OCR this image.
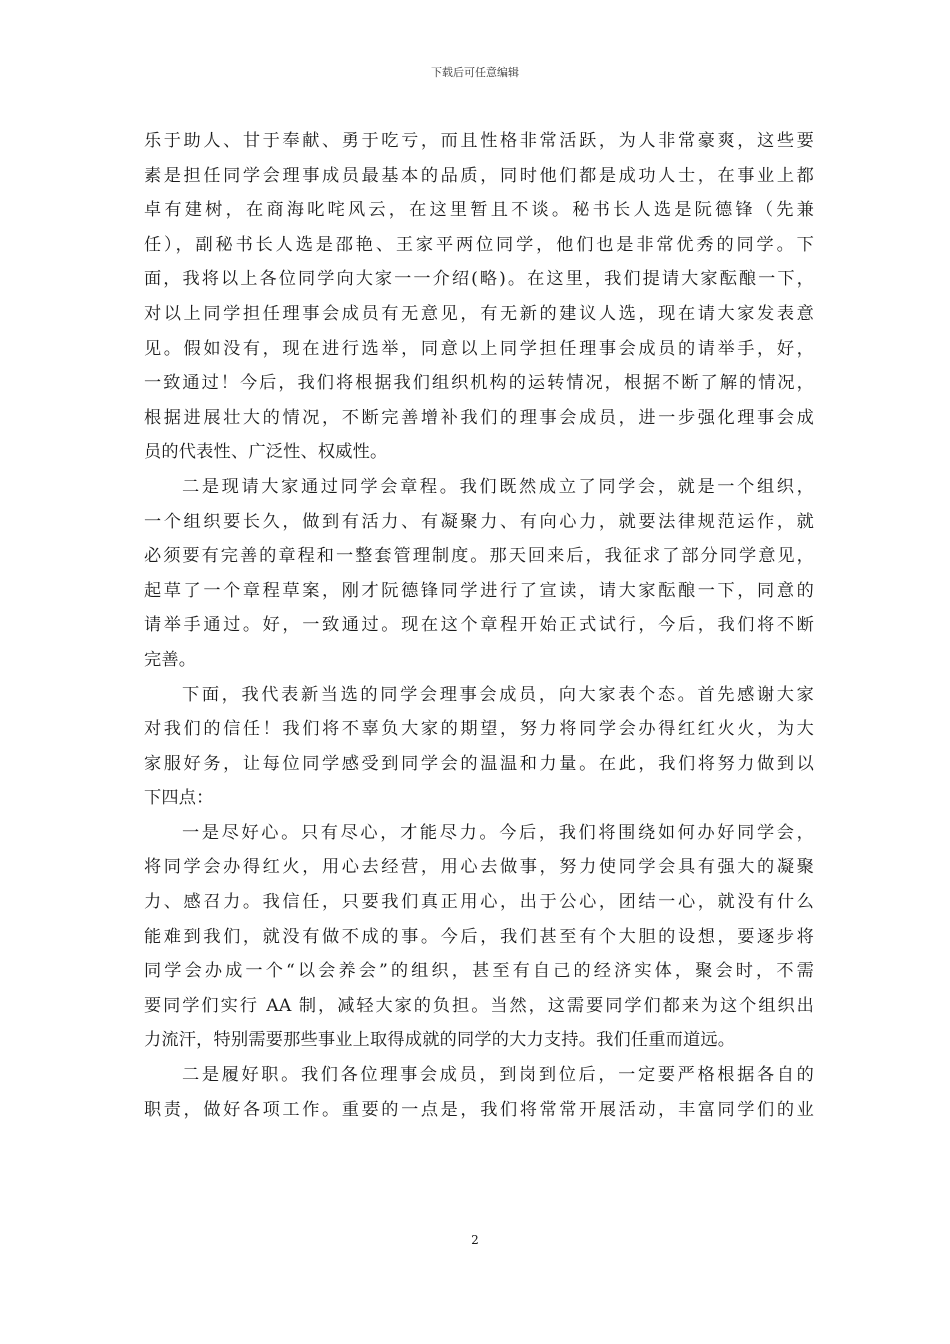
下载后可任意编辑
乐于助人、甘于奉献、勇于吃亏，而且性格非常活跃，为人非常豪爽，这些要
素是担任同学会理事成员最基本的品质，同时他们都是成功人士，在事业上都
卓有建树，在商海叱咤风云，在这里暂且不谈。秘书长人选是阮德锋（先兼
任），副秘书长人选是邵艳、王家平两位同学，他们也是非常优秀的同学。下
面，我将以上各位同学向大家一一介绍(略)。在这里，我们提请大家酝酿一下，
对以上同学担任理事会成员有无意见，有无新的建议人选，现在请大家发表意
见。假如没有，现在进行选举，同意以上同学担任理事会成员的请举手，好，
一致通过！今后，我们将根据我们组织机构的运转情况，根据不断了解的情况，
根据进展壮大的情况，不断完善增补我们的理事会成员，进一步强化理事会成
员的代表性、广泛性、权威性。
二是现请大家通过同学会章程。我们既然成立了同学会，就是一个组织，
一个组织要长久，做到有活力、有凝聚力、有向心力，就要法律规范运作，就
必须要有完善的章程和一整套管理制度。那天回来后，我征求了部分同学意见，
起草了一个章程草案，刚才阮德锋同学进行了宣读，请大家酝酿一下，同意的
请举手通过。好，一致通过。现在这个章程开始正式试行，今后，我们将不断
完善。
下面，我代表新当选的同学会理事会成员，向大家表个态。首先感谢大家
对我们的信任！我们将不辜负大家的期望，努力将同学会办得红红火火，为大
家服好务，让每位同学感受到同学会的温温和力量。在此，我们将努力做到以
下四点：
一是尽好心。只有尽心，才能尽力。今后，我们将围绕如何办好同学会，
将同学会办得红火，用心去经营，用心去做事，努力使同学会具有强大的凝聚
力、感召力。我信任，只要我们真正用心，出于公心，团结一心，就没有什么
能难到我们，就没有做不成的事。今后，我们甚至有个大胆的设想，要逐步将
同学会办成一个“以会养会”的组织，甚至有自己的经济实体，聚会时，不需
要同学们实行 AA 制，减轻大家的负担。当然，这需要同学们都来为这个组织出
力流汗，特别需要那些事业上取得成就的同学的大力支持。我们任重而道远。
二是履好职。我们各位理事会成员，到岗到位后，一定要严格根据各自的
职责，做好各项工作。重要的一点是，我们将常常开展活动，丰富同学们的业
2
